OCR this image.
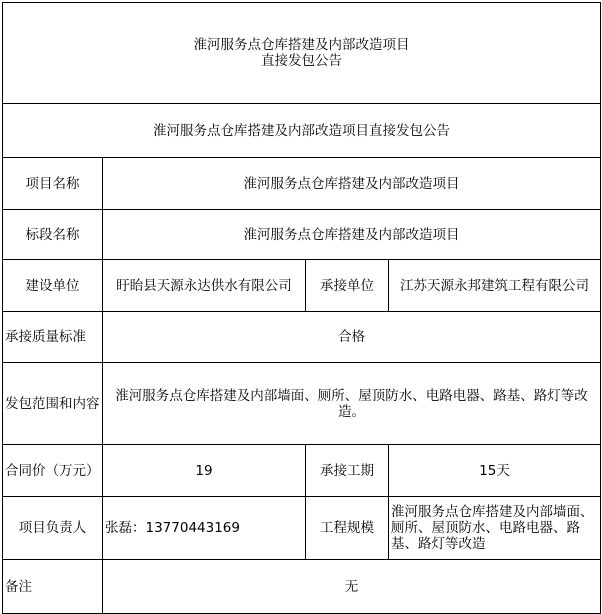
淮河服务点仓库搭建及内部改造项目
直接发包公告			

淮河服务点仓库搭建及内部改造项目直接发包公告			
项目名称	淮河服务点仓库搭建及内部改造项目		
标段名称	淮河服务点仓库搭建及内部改造项目		
建设单位	盱眙县天源永达供水有限公司	承接单位	江苏天源永邦建筑工程有限公司
承接质量标准	合格		
发包范围和内容	淮河服务点仓库搭建及内部墙面、厕所、屋顶防水、电路电器、路基、路灯等改造。		
合同价（万元）	19	承接工期	15天
项目负责人	张磊：13770443169	工程规模	淮河服务点仓库搭建及内部墙面、厕所、屋顶防水、电路电器、路基、路灯等改造
备注	无		
